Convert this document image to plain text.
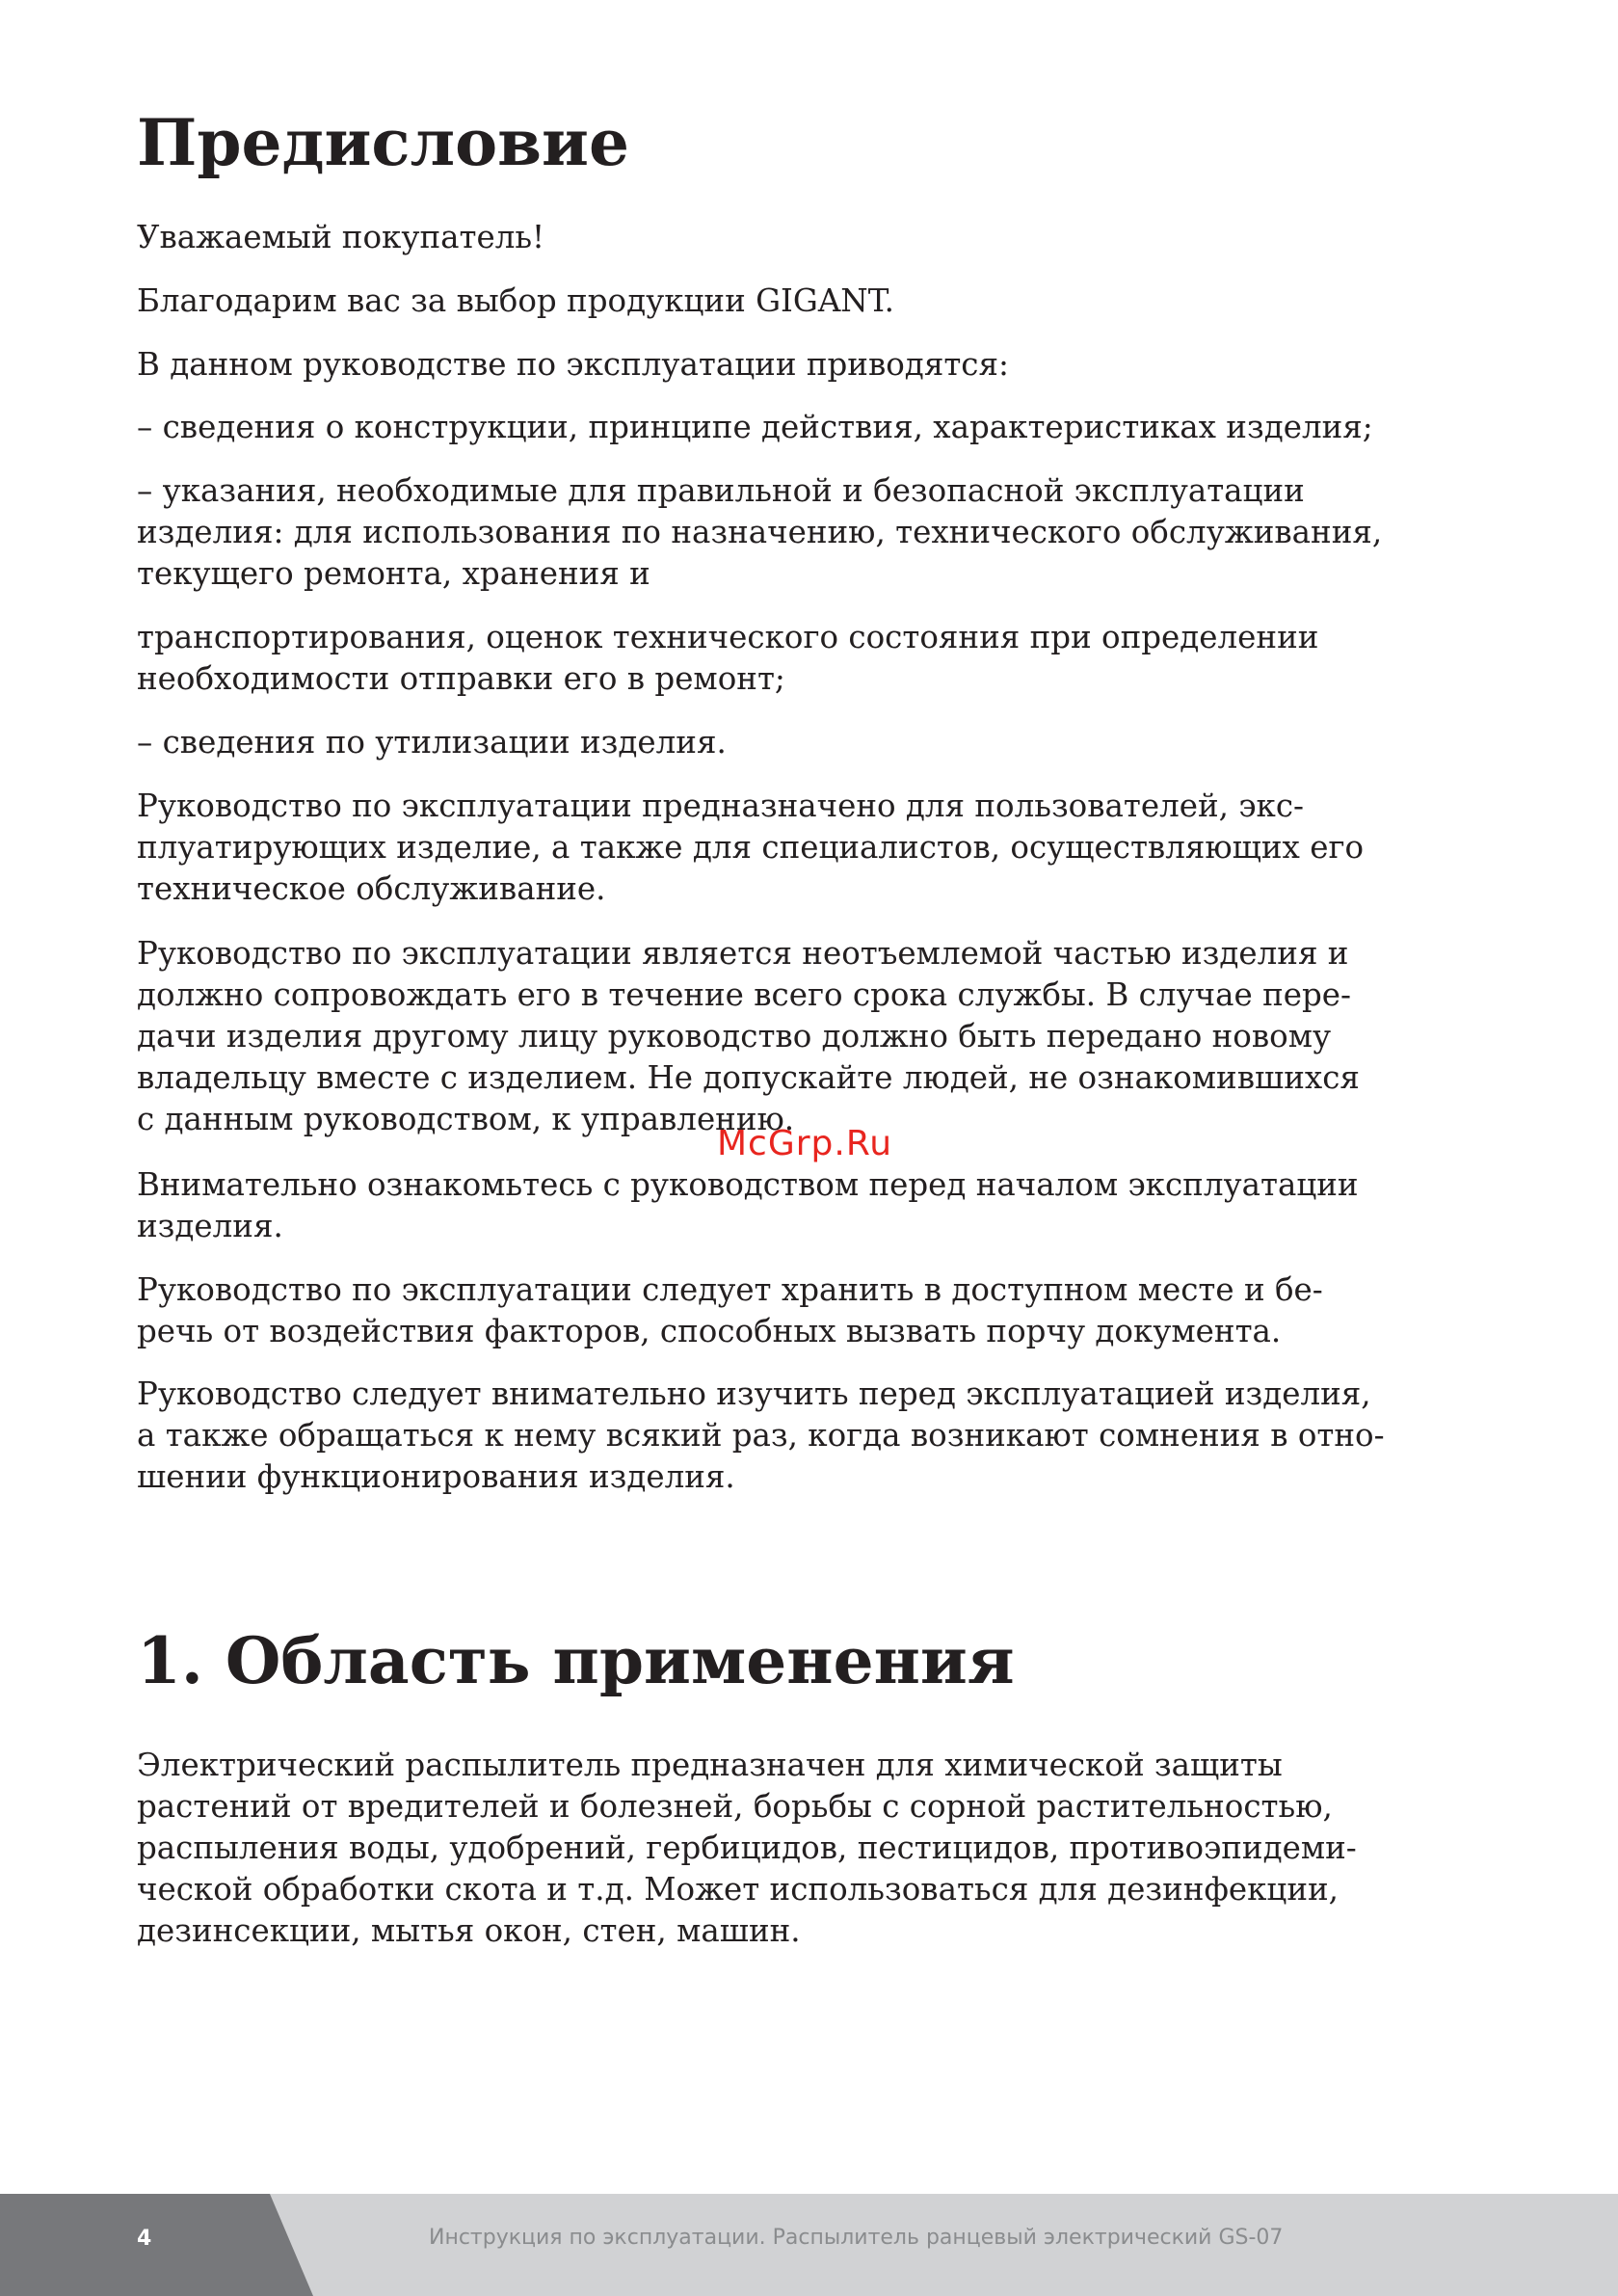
Предисловие

Уважаемый покупатель!

Благодарим вас за выбор продукции GIGANT.

В данном руководстве по эксплуатации приводятся:

– сведения о конструкции, принципе действия, характеристиках изделия;

– указания, необходимые для правильной и безопасной эксплуатации

изделия: для использования по назначению, технического обслуживания,

текущего ремонта, хранения и

транспортирования, оценок технического состояния при определении

необходимости отправки его в ремонт;

– сведения по утилизации изделия.

Руководство по эксплуатации предназначено для пользователей, экс-

плуатирующих изделие, а также для специалистов, осуществляющих его

техническое обслуживание.

Руководство по эксплуатации является неотъемлемой частью изделия и

должно сопровождать его в течение всего срока службы. В случае пере-

дачи изделия другому лицу руководство должно быть передано новому

владельцу вместе с изделием. Не допускайте людей, не ознакомившихся

с данным руководством, к управлению.

Внимательно ознакомьтесь с руководством перед началом эксплуатации

изделия.

Руководство по эксплуатации следует хранить в доступном месте и бе-

речь от воздействия факторов, способных вызвать порчу документа.

Руководство следует внимательно изучить перед эксплуатацией изделия,

а также обращаться к нему всякий раз, когда возникают сомнения в отно-

шении функционирования изделия.

1. Область применения

Электрический распылитель предназначен для химической защиты

растений от вредителей и болезней, борьбы с сорной растительностью,

распыления воды, удобрений, гербицидов, пестицидов, противоэпидеми-

ческой обработки скота и т.д. Может использоваться для дезинфекции,

дезинсекции, мытья окон, стен, машин.

McGrp.Ru
4	Инструкция по эксплуатации. Распылитель ранцевый электрический GS-07
